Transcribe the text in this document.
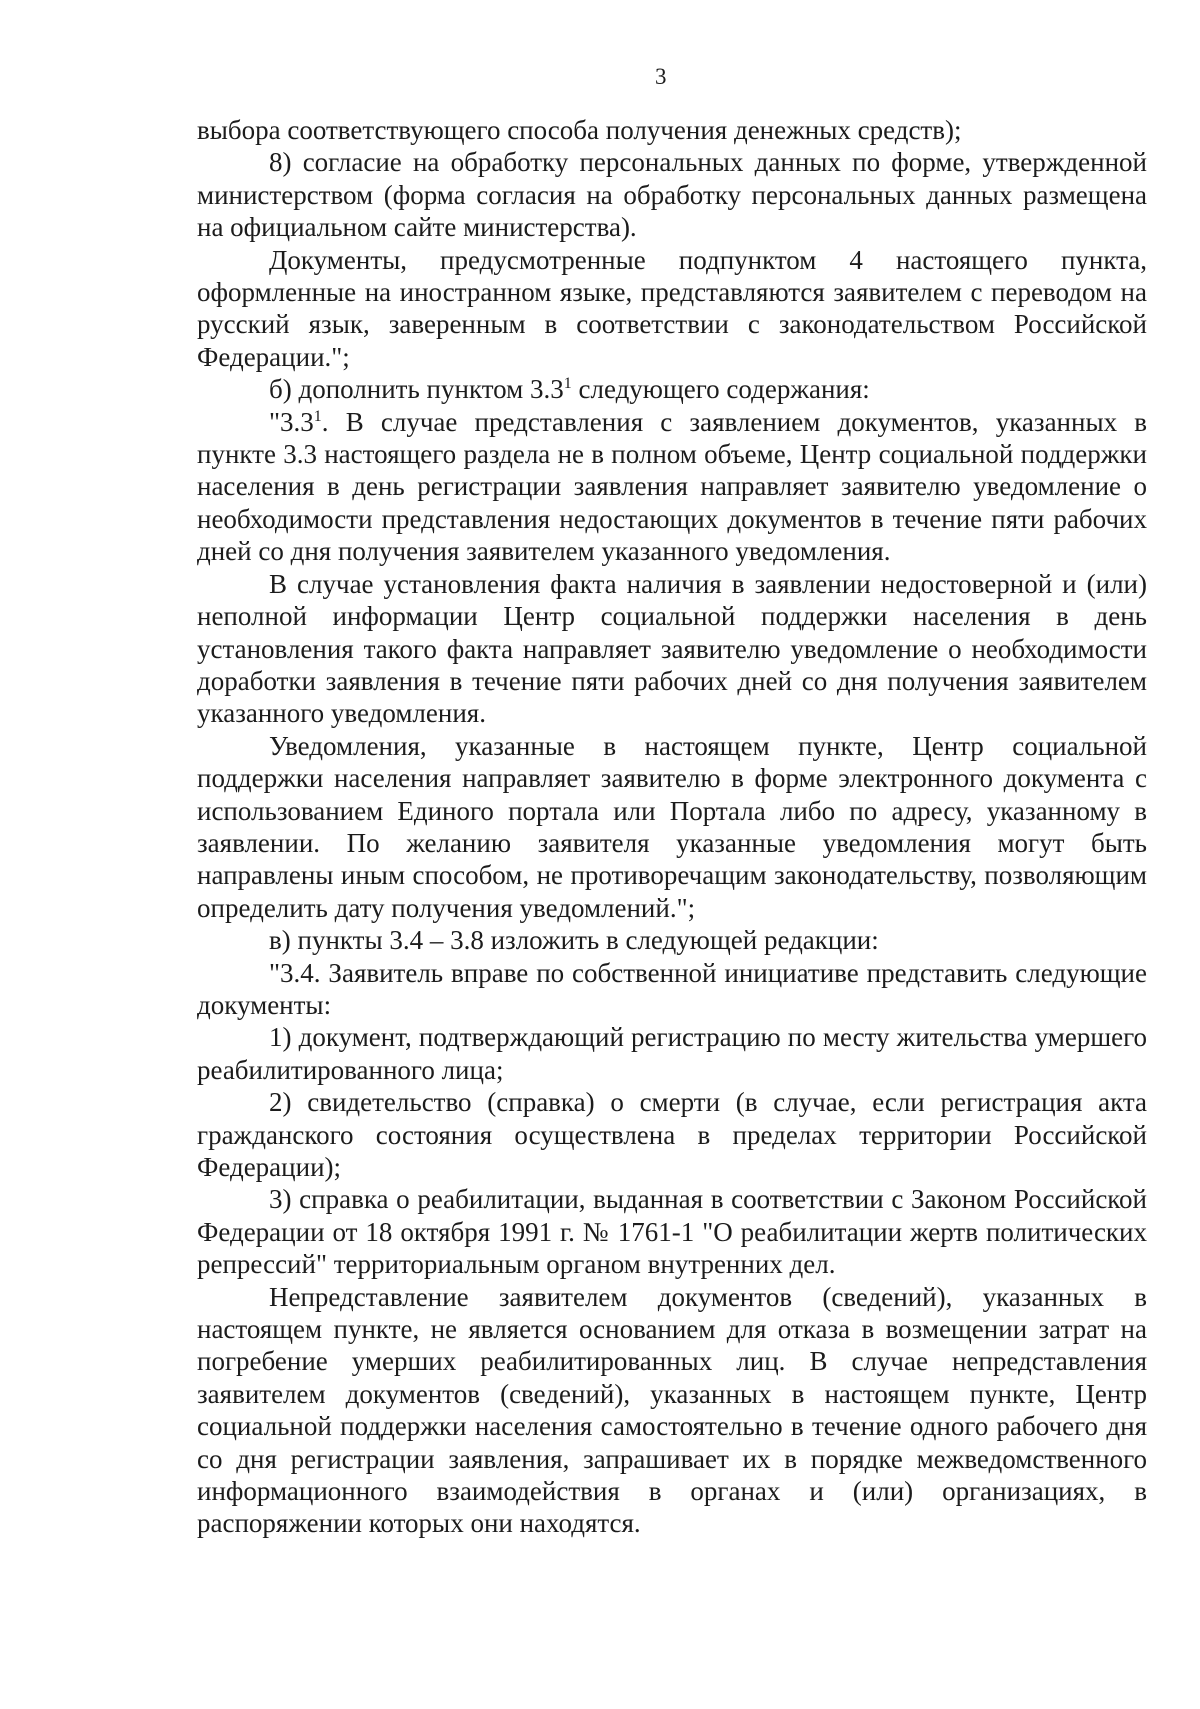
3

выбора соответствующего способа получения денежных средств);

8) согласие на обработку персональных данных по форме, утвержденной министерством (форма согласия на обработку персональных данных размещена на официальном сайте министерства).

Документы, предусмотренные подпунктом 4 настоящего пункта, оформленные на иностранном языке, представляются заявителем с переводом на русский язык, заверенным в соответствии с законодательством Российской Федерации.";

б) дополнить пунктом $3.3^1$ следующего содержания:

"$3.3^1$. В случае представления с заявлением документов, указанных в пункте 3.3 настоящего раздела не в полном объеме, Центр социальной поддержки населения в день регистрации заявления направляет заявителю уведомление о необходимости представления недостающих документов в течение пяти рабочих дней со дня получения заявителем указанного уведомления.

В случае установления факта наличия в заявлении недостоверной и (или) неполной информации Центр социальной поддержки населения в день установления такого факта направляет заявителю уведомление о необходимости доработки заявления в течение пяти рабочих дней со дня получения заявителем указанного уведомления.

Уведомления, указанные в настоящем пункте, Центр социальной поддержки населения направляет заявителю в форме электронного документа с использованием Единого портала или Портала либо по адресу, указанному в заявлении. По желанию заявителя указанные уведомления могут быть направлены иным способом, не противоречащим законодательству, позволяющим определить дату получения уведомлений.";

в) пункты 3.4 – 3.8 изложить в следующей редакции:

"3.4. Заявитель вправе по собственной инициативе представить следующие документы:

1) документ, подтверждающий регистрацию по месту жительства умершего реабилитированного лица;

2) свидетельство (справка) о смерти (в случае, если регистрация акта гражданского состояния осуществлена в пределах территории Российской Федерации);

3) справка о реабилитации, выданная в соответствии с Законом Российской Федерации от 18 октября 1991 г. № 1761-1 "О реабилитации жертв политических репрессий" территориальным органом внутренних дел.

Непредставление заявителем документов (сведений), указанных в настоящем пункте, не является основанием для отказа в возмещении затрат на погребение умерших реабилитированных лиц. В случае непредставления заявителем документов (сведений), указанных в настоящем пункте, Центр социальной поддержки населения самостоятельно в течение одного рабочего дня со дня регистрации заявления, запрашивает их в порядке межведомственного информационного взаимодействия в органах и (или) организациях, в распоряжении которых они находятся.
